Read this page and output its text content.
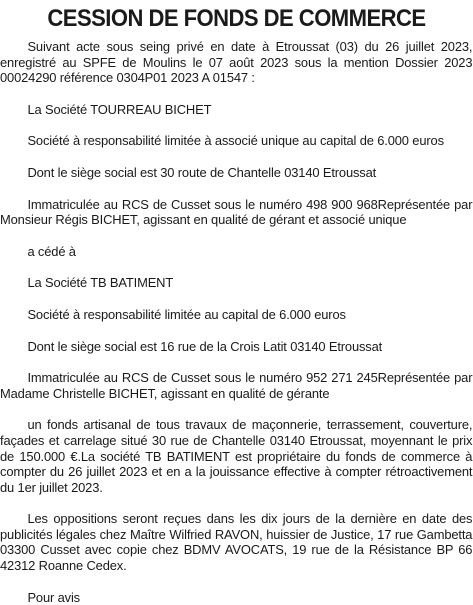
CESSION DE FONDS DE COMMERCE

Suivant acte sous seing privé en date à Etroussat (03) du 26 juillet 2023, enregistré au SPFE de Moulins le 07 août 2023 sous la mention Dossier 2023 00024290 référence 0304P01 2023 A 01547 :

La Société TOURREAU BICHET

Société à responsabilité limitée à associé unique au capital de 6.000 euros

Dont le siège social est 30 route de Chantelle 03140 Etroussat

Immatriculée au RCS de Cusset sous le numéro 498 900 968Représentée par Monsieur Régis BICHET, agissant en qualité de gérant et associé unique

a cédé à

La Société TB BATIMENT

Société à responsabilité limitée au capital de 6.000 euros

Dont le siège social est 16 rue de la Crois Latit 03140 Etroussat

Immatriculée au RCS de Cusset sous le numéro 952 271 245Représentée par Madame Christelle BICHET, agissant en qualité de gérante

un fonds artisanal de tous travaux de maçonnerie, terrassement, couverture, façades et carrelage situé 30 rue de Chantelle 03140 Etroussat, moyennant le prix de 150.000 €.La société TB BATIMENT est propriétaire du fonds de commerce à compter du 26 juillet 2023 et en a la jouissance effective à compter rétroactivement du 1er juillet 2023.

Les oppositions seront reçues dans les dix jours de la dernière en date des publicités légales chez Maître Wilfried RAVON, huissier de Justice, 17 rue Gambetta 03300 Cusset avec copie chez BDMV AVOCATS, 19 rue de la Résistance BP 66 42312 Roanne Cedex.

Pour avis
